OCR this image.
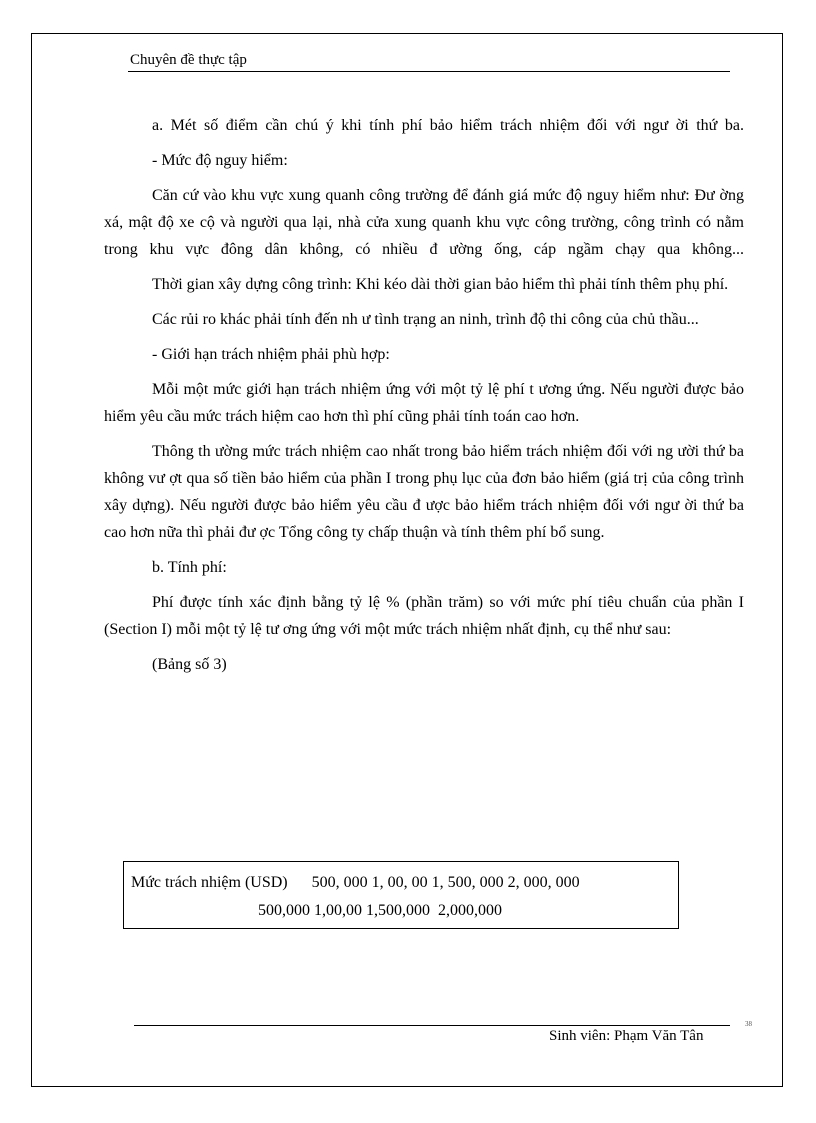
Chuyên đề thực tập

a. Mét số điểm cần chú ý khi tính phí bảo hiểm trách nhiệm đối với ngư ời thứ ba.

- Mức độ nguy hiểm:

Căn cứ vào khu vực xung quanh công trường để đánh giá mức độ nguy hiểm như: Đư ờng xá, mật độ xe cộ và người qua lại, nhà cửa xung quanh khu vực công trường, công trình có nằm trong khu vực đông dân không, có nhiều đ ường ống, cáp ngầm chạy qua không...

Thời gian xây dựng công trình: Khi kéo dài thời gian bảo hiểm thì phải tính thêm phụ phí.

Các rủi ro khác phải tính đến nh ư tình trạng an ninh, trình độ thi công của chủ thầu...

- Giới hạn trách nhiệm phải phù hợp:

Mỗi một mức giới hạn trách nhiệm ứng với một tỷ lệ phí t ương ứng. Nếu người được bảo hiểm yêu cầu mức trách hiệm cao hơn thì phí cũng phải tính toán cao hơn.

Thông th ường mức trách nhiệm cao nhất trong bảo hiểm trách nhiệm đối với ng ười thứ ba không vư ợt qua số tiền bảo hiểm của phần I trong phụ lục của đơn bảo hiểm (giá trị của công trình xây dựng). Nếu người được bảo hiểm yêu cầu đ ược bảo hiểm trách nhiệm đối với ngư ời thứ ba cao hơn nữa thì phải đư ợc Tổng công ty chấp thuận và tính thêm phí bổ sung.

b. Tính phí:

Phí được tính xác định bằng tỷ lệ % (phần trăm) so với mức phí tiêu chuẩn của phần I (Section I) mỗi một tỷ lệ tư ơng ứng với một mức trách nhiệm nhất định, cụ thể như sau:

(Bảng số 3)

Mức trách nhiệm (USD) 500, 000 1, 00, 00 1, 500, 000 2, 000, 000
500,000 1,00,00 1,500,000  2,000,000
Sinh viên: Phạm Văn Tân
38
